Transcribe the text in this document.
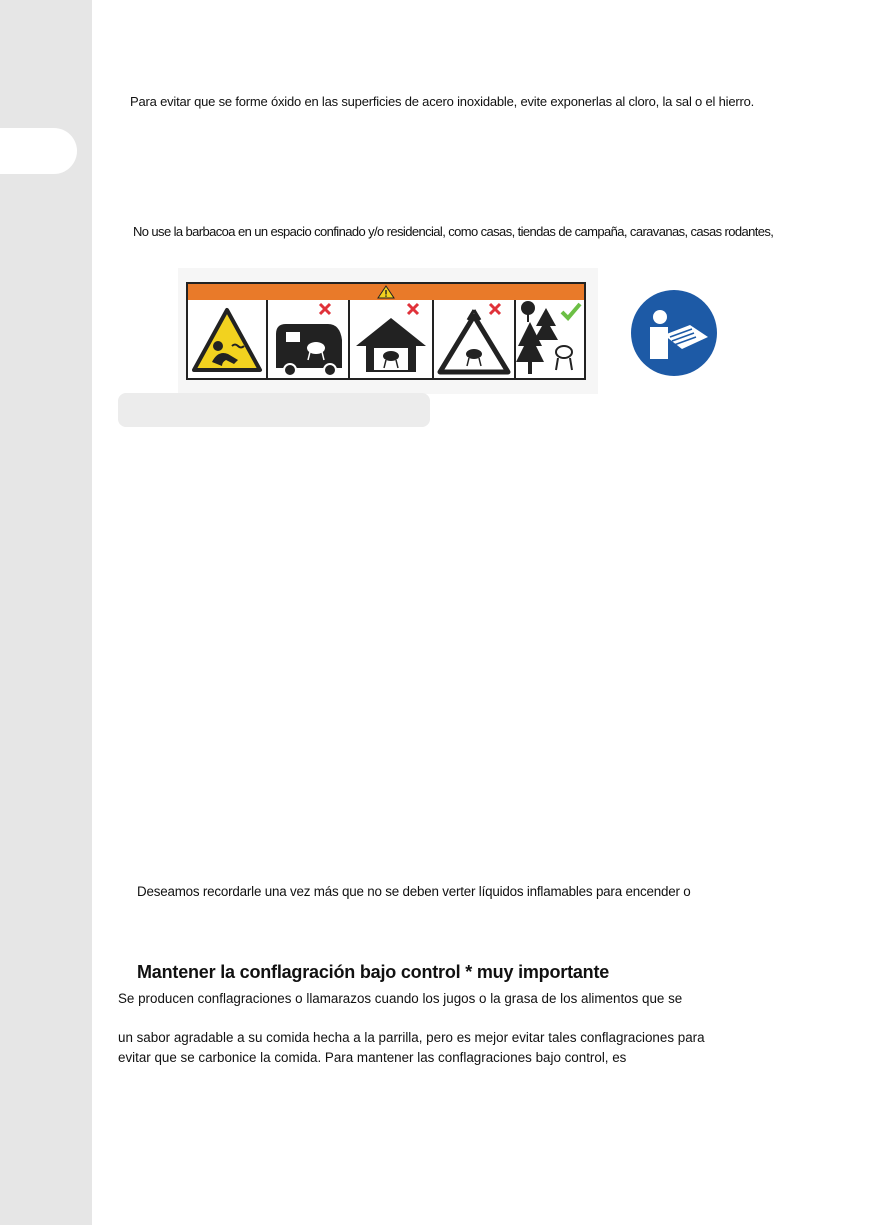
Para evitar que se forme óxido en las superficies de acero inoxidable, evite exponerlas al cloro, la sal o el hierro.
No use la barbacoa en un espacio confinado y/o residencial, como casas, tiendas de campaña, caravanas, casas rodantes,
Deseamos recordarle una vez más que no se deben verter líquidos inflamables para encender o
Mantener la conflagración bajo control * muy importante
Se producen conflagraciones o llamarazos cuando los jugos o la grasa de los alimentos que se
un sabor agradable a su comida hecha a la parrilla, pero es mejor evitar tales conflagraciones para
evitar que se carbonice la comida. Para mantener las conflagraciones bajo control, es
